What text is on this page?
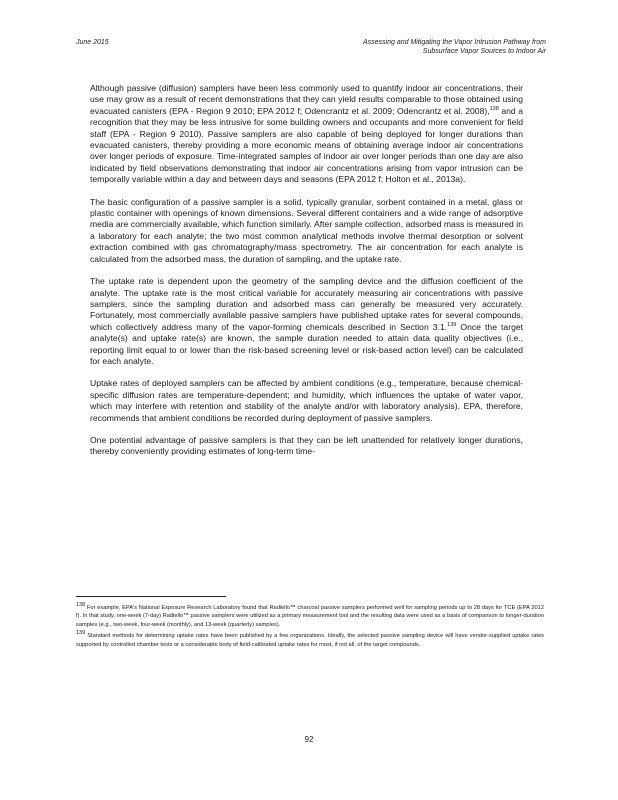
June 2015	Assessing and Mitigating the Vapor Intrusion Pathway from
Subsurface Vapor Sources to Indoor Air

Although passive (diffusion) samplers have been less commonly used to quantify indoor air concentrations, their use may grow as a result of recent demonstrations that they can yield results comparable to those obtained using evacuated canisters (EPA - Region 9 2010; EPA 2012 f; Odencrantz et al. 2009; Odencrantz et al. 2008),$^{138}$ and a recognition that they may be less intrusive for some building owners and occupants and more convenient for field staff (EPA - Region 9 2010). Passive samplers are also capable of being deployed for longer durations than evacuated canisters, thereby providing a more economic means of obtaining average indoor air concentrations over longer periods of exposure. Time-integrated samples of indoor air over longer periods than one day are also indicated by field observations demonstrating that indoor air concentrations arising from vapor intrusion can be temporally variable within a day and between days and seasons (EPA 2012 f; Holton et al., 2013a).

The basic configuration of a passive sampler is a solid, typically granular, sorbent contained in a metal, glass or plastic container with openings of known dimensions. Several different containers and a wide range of adsorptive media are commercially available, which function similarly. After sample collection, adsorbed mass is measured in a laboratory for each analyte; the two most common analytical methods involve thermal desorption or solvent extraction combined with gas chromatography/mass spectrometry. The air concentration for each analyte is calculated from the adsorbed mass, the duration of sampling, and the uptake rate.

The uptake rate is dependent upon the geometry of the sampling device and the diffusion coefficient of the analyte. The uptake rate is the most critical variable for accurately measuring air concentrations with passive samplers, since the sampling duration and adsorbed mass can generally be measured very accurately. Fortunately, most commercially available passive samplers have published uptake rates for several compounds, which collectively address many of the vapor-forming chemicals described in Section 3.1.$^{139}$ Once the target analyte(s) and uptake rate(s) are known, the sample duration needed to attain data quality objectives (i.e., reporting limit equal to or lower than the risk-based screening level or risk-based action level) can be calculated for each analyte.

Uptake rates of deployed samplers can be affected by ambient conditions (e.g., temperature, because chemical-specific diffusion rates are temperature-dependent; and humidity, which influences the uptake of water vapor, which may interfere with retention and stability of the analyte and/or with laboratory analysis). EPA, therefore, recommends that ambient conditions be recorded during deployment of passive samplers.

One potential advantage of passive samplers is that they can be left unattended for relatively longer durations, thereby conveniently providing estimates of long-term time-

138 For example, EPA's National Exposure Research Laboratory found that Radiello™ charcoal passive samplers performed well for sampling periods up to 28 days for TCE (EPA 2012 f). In that study, one-week (7-day) Radiello™ passive samplers were utilized as a primary measurement tool and the resulting data were used as a basis of comparison to longer-duration samples (e.g., two-week, four-week (monthly), and 13-week (quarterly) samples).

139 Standard methods for determining uptake rates have been published by a few organizations. Ideally, the selected passive sampling device will have vendor-supplied uptake rates supported by controlled chamber tests or a considerable body of field-calibrated uptake rates for most, if not all, of the target compounds.

92
